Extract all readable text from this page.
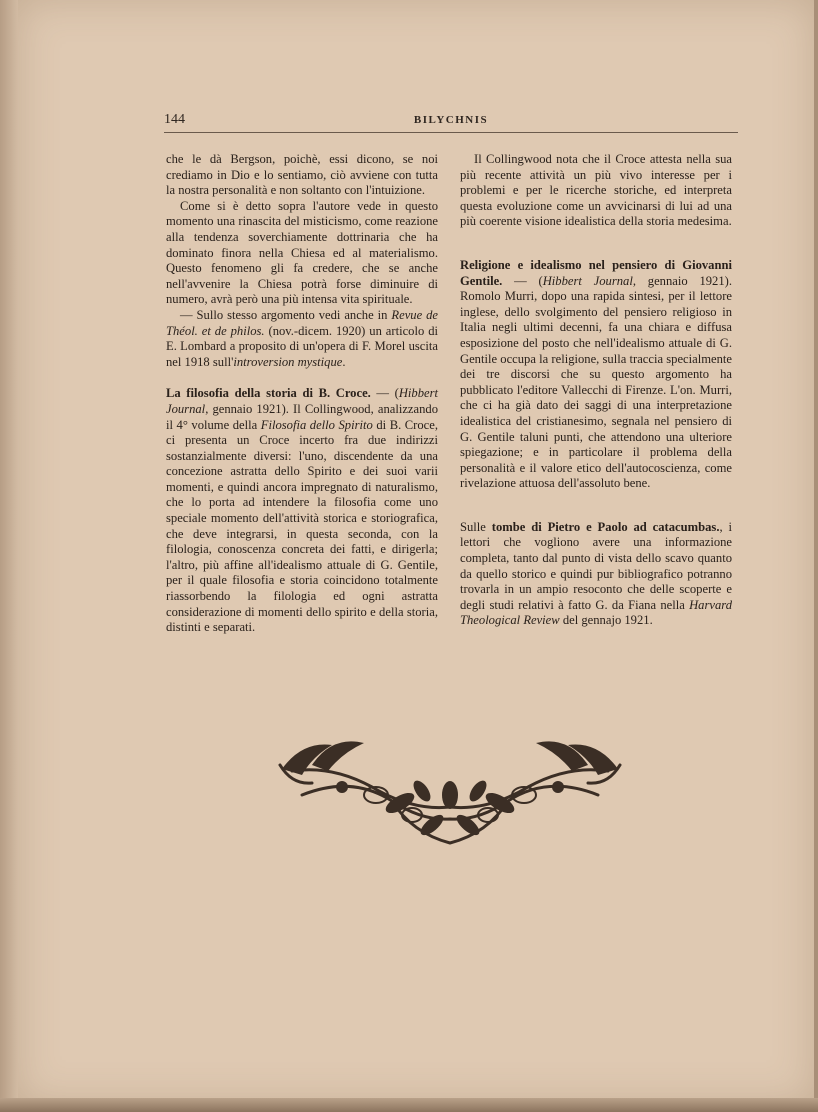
144	BILYCHNIS

che le dà Bergson, poichè, essi dicono, se noi crediamo in Dio e lo sentiamo, ciò avviene con tutta la nostra personalità e non soltanto con l'intuizione.

Come si è detto sopra l'autore vede in questo momento una rinascita del misticismo, come reazione alla tendenza soverchiamente dottrinaria che ha dominato finora nella Chiesa ed al materialismo. Questo fenomeno gli fa credere, che se anche nell'avvenire la Chiesa potrà forse diminuire di numero, avrà però una più intensa vita spirituale.

— Sullo stesso argomento vedi anche in Revue de Théol. et de philos. (nov.-dicem. 1920) un articolo di E. Lombard a proposito di un'opera di F. Morel uscita nel 1918 sull'introversion mystique.

La filosofia della storia di B. Croce. — (Hibbert Journal, gennaio 1921). Il Collingwood, analizzando il 4° volume della Filosofia dello Spirito di B. Croce, ci presenta un Croce incerto fra due indirizzi sostanzialmente diversi: l'uno, discendente da una concezione astratta dello Spirito e dei suoi varii momenti, e quindi ancora impregnato di naturalismo, che lo porta ad intendere la filosofia come uno speciale momento dell'attività storica e storiografica, che deve integrarsi, in questa seconda, con la filologia, conoscenza concreta dei fatti, e dirigerla; l'altro, più affine all'idealismo attuale di G. Gentile, per il quale filosofia e storia coincidono totalmente riassorbendo la filologia ed ogni astratta considerazione di momenti dello spirito e della storia, distinti e separati.

Il Collingwood nota che il Croce attesta nella sua più recente attività un più vivo interesse per i problemi e per le ricerche storiche, ed interpreta questa evoluzione come un avvicinarsi di lui ad una più coerente visione idealistica della storia medesima.

Religione e idealismo nel pensiero di Giovanni Gentile. — (Hibbert Journal, gennaio 1921). Romolo Murri, dopo una rapida sintesi, per il lettore inglese, dello svolgimento del pensiero religioso in Italia negli ultimi decenni, fa una chiara e diffusa esposizione del posto che nell'idealismo attuale di G. Gentile occupa la religione, sulla traccia specialmente dei tre discorsi che su questo argomento ha pubblicato l'editore Vallecchi di Firenze. L'on. Murri, che ci ha già dato dei saggi di una interpretazione idealistica del cristianesimo, segnala nel pensiero di G. Gentile taluni punti, che attendono una ulteriore spiegazione; e in particolare il problema della personalità e il valore etico dell'autocoscienza, come rivelazione attuosa dell'assoluto bene.

Sulle tombe di Pietro e Paolo ad catacumbas., i lettori che vogliono avere una informazione completa, tanto dal punto di vista dello scavo quanto da quello storico e quindi pur bibliografico potranno trovarla in un ampio resoconto che delle scoperte e degli studi relativi à fatto G. da Fiana nella Harvard Theological Review del gennajo 1921.
